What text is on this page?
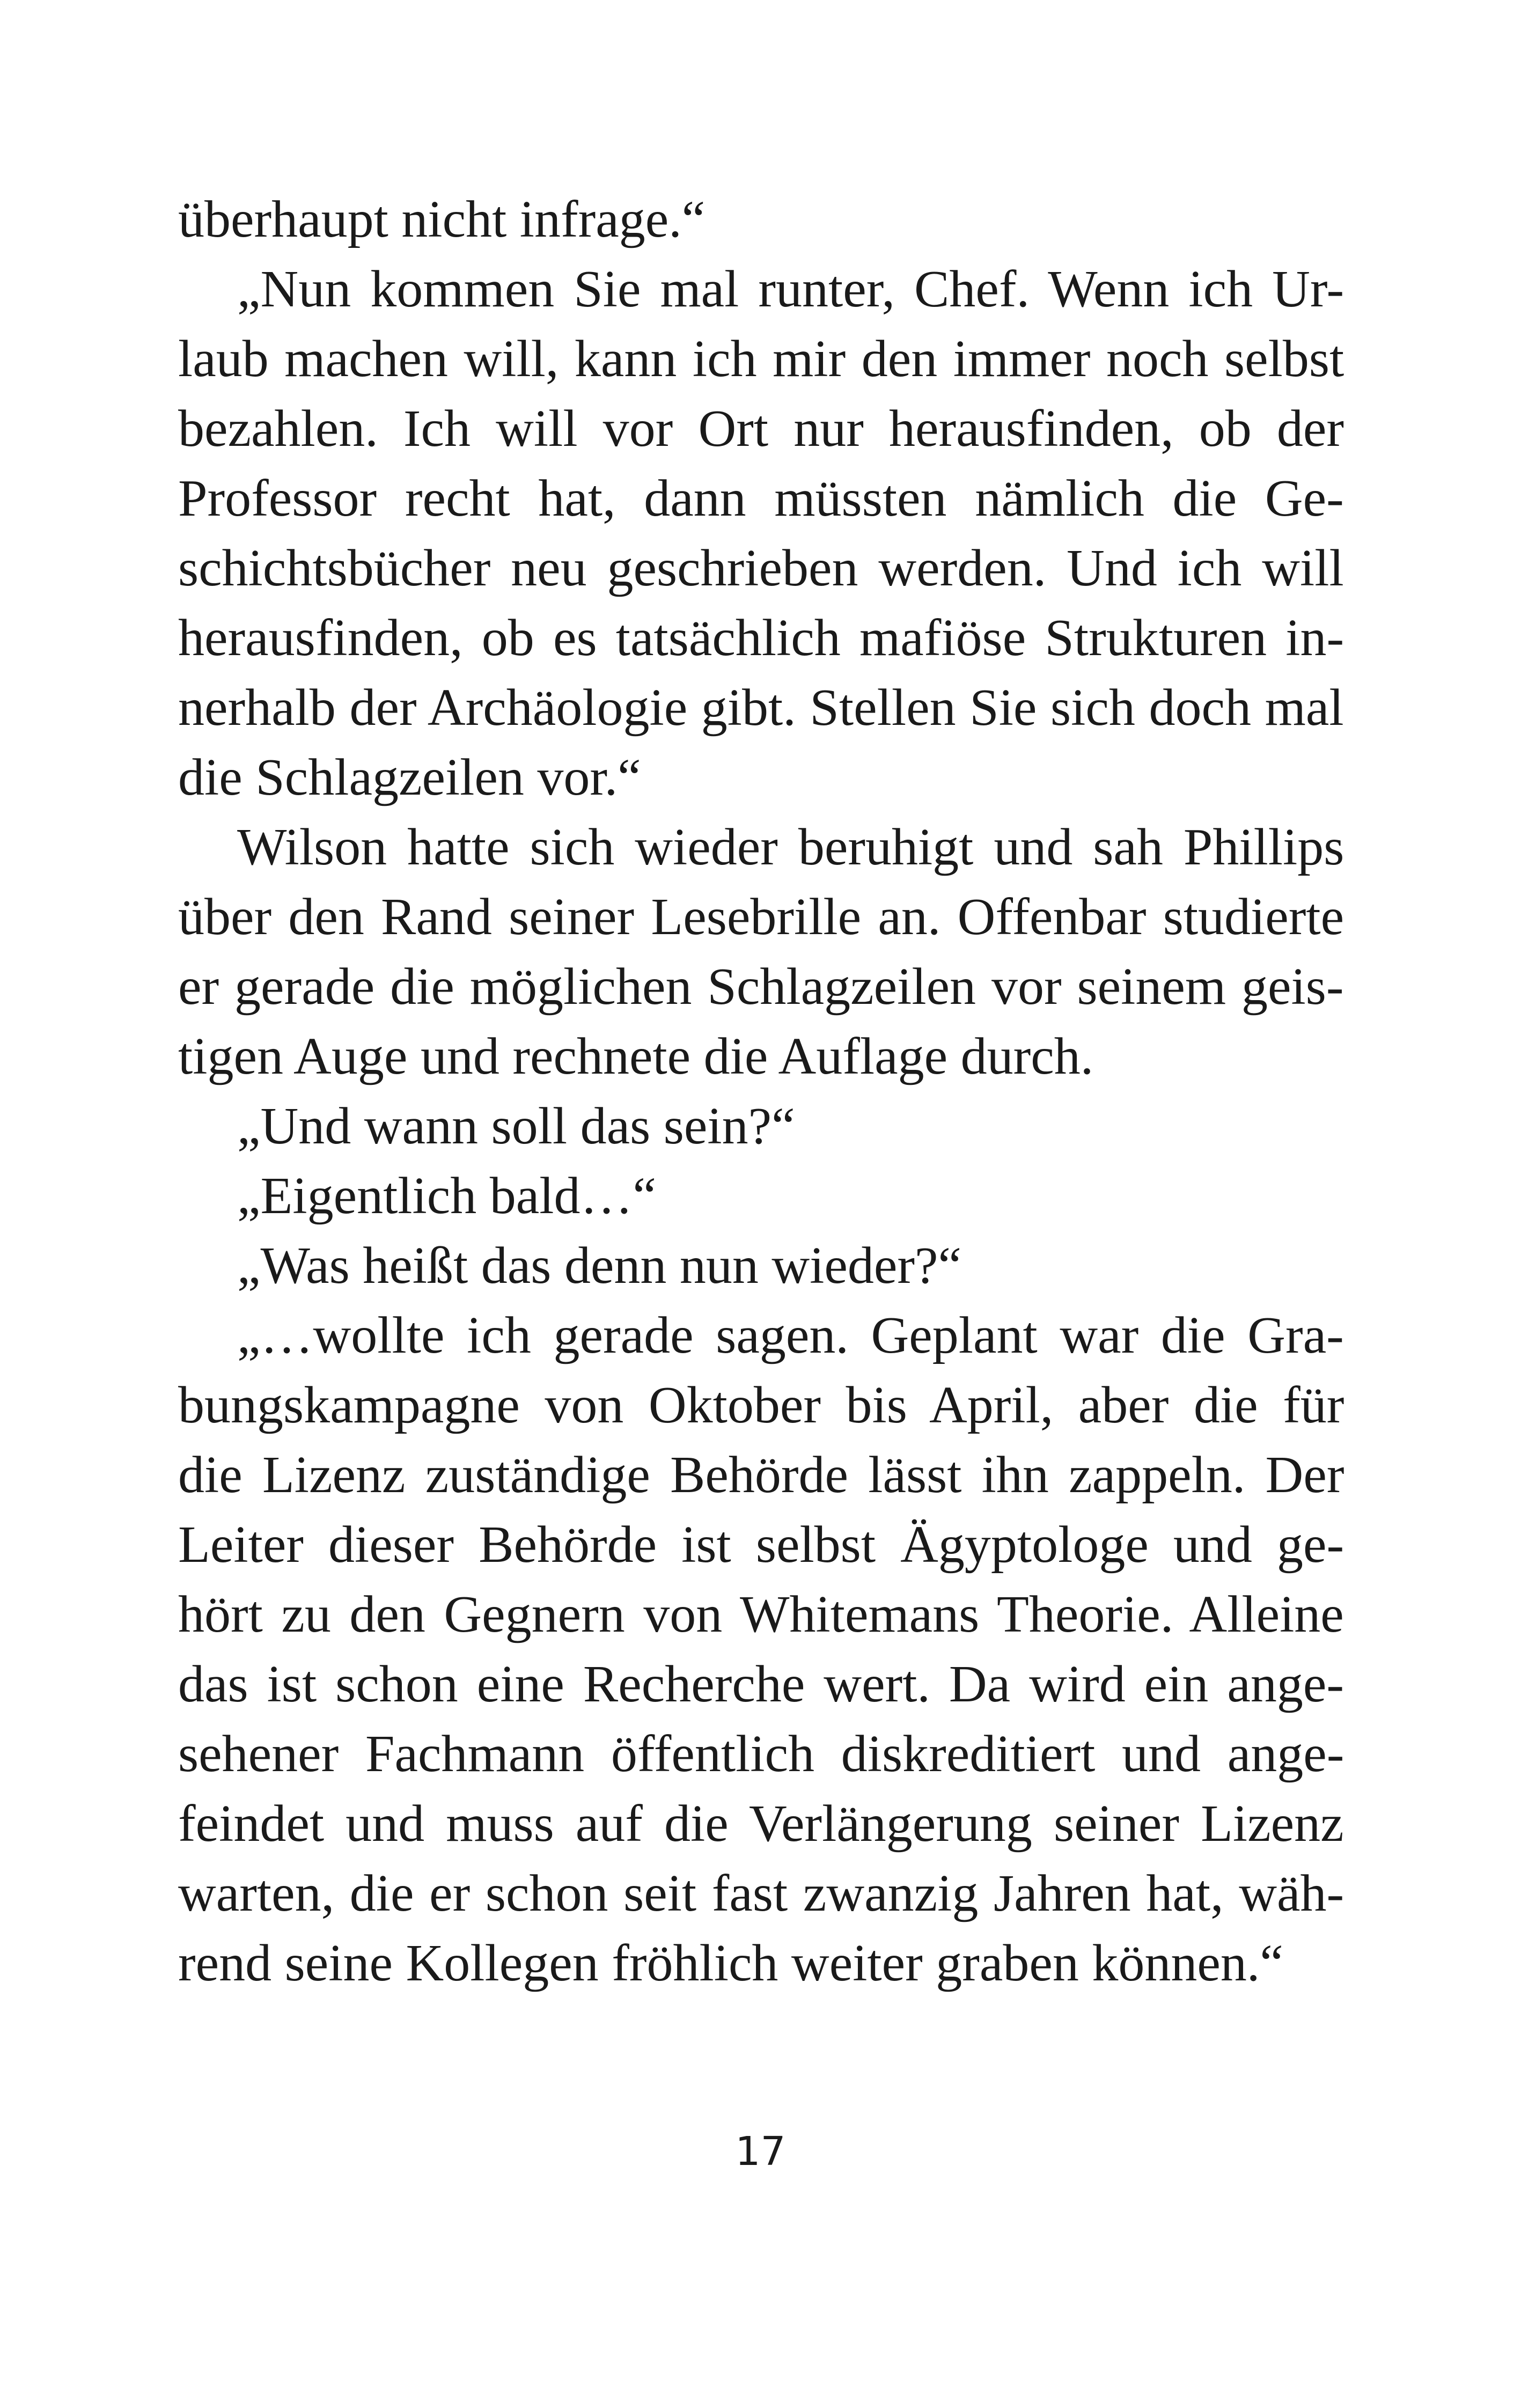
überhaupt nicht infrage.“
„Nun kommen Sie mal runter, Chef. Wenn ich Ur-
laub machen will, kann ich mir den immer noch selbst
bezahlen. Ich will vor Ort nur herausfinden, ob der
Professor recht hat, dann müssten nämlich die Ge-
schichtsbücher neu geschrieben werden. Und ich will
herausfinden, ob es tatsächlich mafiöse Strukturen in-
nerhalb der Archäologie gibt. Stellen Sie sich doch mal
die Schlagzeilen vor.“
Wilson hatte sich wieder beruhigt und sah Phillips
über den Rand seiner Lesebrille an. Offenbar studierte
er gerade die möglichen Schlagzeilen vor seinem geis-
tigen Auge und rechnete die Auflage durch.
„Und wann soll das sein?“
„Eigentlich bald…“
„Was heißt das denn nun wieder?“
„…wollte ich gerade sagen. Geplant war die Gra-
bungskampagne von Oktober bis April, aber die für
die Lizenz zuständige Behörde lässt ihn zappeln. Der
Leiter dieser Behörde ist selbst Ägyptologe und ge-
hört zu den Gegnern von Whitemans Theorie. Alleine
das ist schon eine Recherche wert. Da wird ein ange-
sehener Fachmann öffentlich diskreditiert und ange-
feindet und muss auf die Verlängerung seiner Lizenz
warten, die er schon seit fast zwanzig Jahren hat, wäh-
rend seine Kollegen fröhlich weiter graben können.“
17
